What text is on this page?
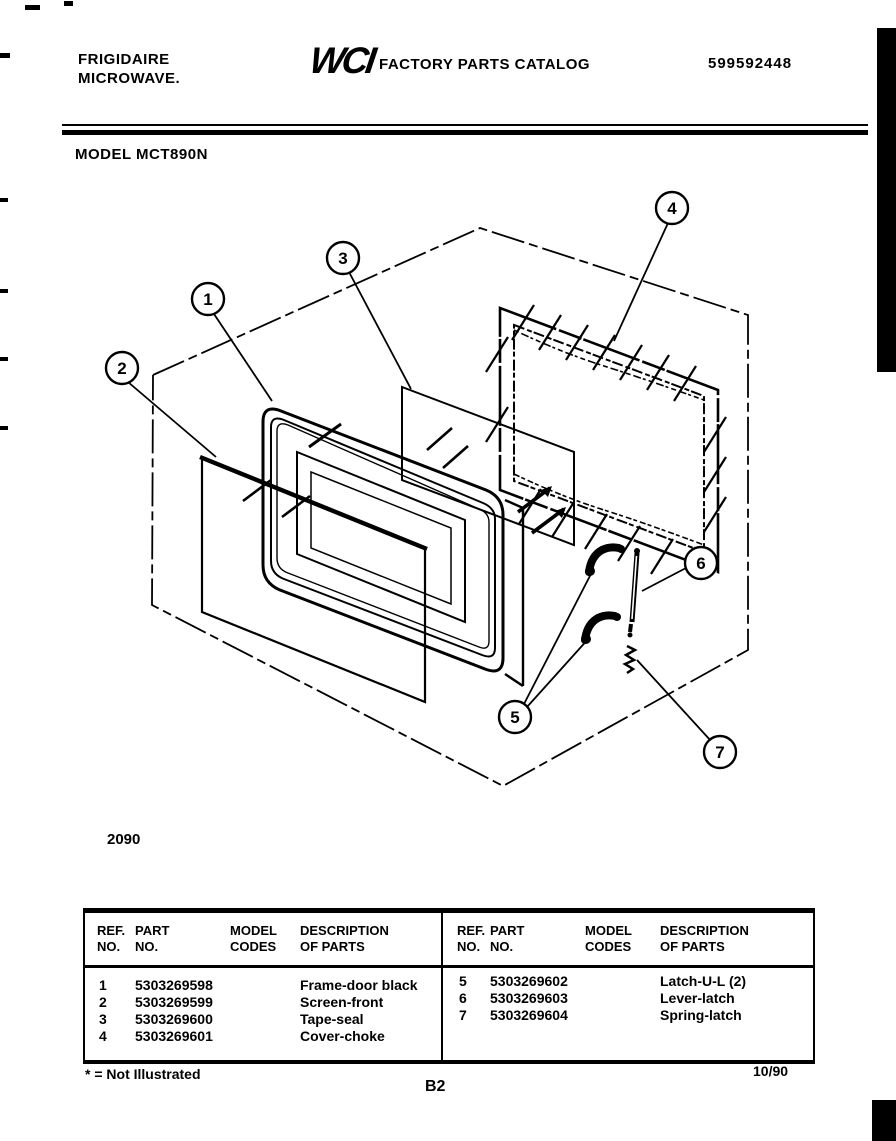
FRIGIDAIRE
MICROWAVE.	WCI FACTORY PARTS CATALOG	599592448
MODEL MCT890N
1
2
3
4
5
6
7
2090
REF.
NO.
PART
NO.
MODEL
CODES
DESCRIPTION
OF PARTS
REF.
NO.
PART
NO.
MODEL
CODES
DESCRIPTION
OF PARTS
1
2
3
4
5303269598
5303269599
5303269600
5303269601
Frame-door black
Screen-front
Tape-seal
Cover-choke
5
6
7
5303269602
5303269603
5303269604
Latch-U-L (2)
Lever-latch
Spring-latch
* = Not Illustrated
B2
10/90
